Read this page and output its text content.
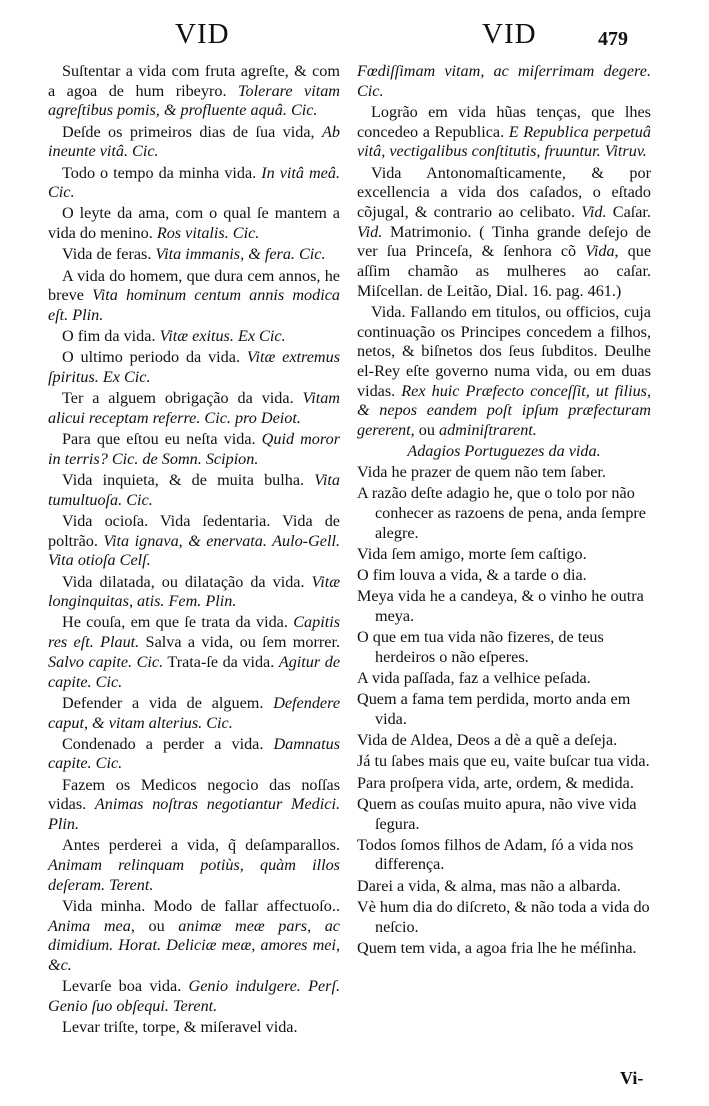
VID	VID	479

Suſtentar a vida com fruta agreſte, & com a agoa de hum ribeyro. Tolerare vitam agreſtibus pomis, & profluente aquâ. Cic.

Deſde os primeiros dias de ſua vida, Ab ineunte vitâ. Cic.

Todo o tempo da minha vida. In vitâ meâ. Cic.

O leyte da ama, com o qual ſe mantem a vida do menino. Ros vitalis. Cic.

Vida de feras. Vita immanis, & fera. Cic.

A vida do homem, que dura cem annos, he breve Vita hominum centum annis modica eſt. Plin.

O fim da vida. Vitæ exitus. Ex Cic.

O ultimo periodo da vida. Vitæ extremus ſpiritus. Ex Cic.

Ter a alguem obrigação da vida. Vitam alicui receptam referre. Cic. pro Deiot.

Para que eſtou eu neſta vida. Quid moror in terris? Cic. de Somn. Scipion.

Vida inquieta, & de muita bulha. Vita tumultuoſa. Cic.

Vida ocioſa. Vida ſedentaria. Vida de poltrão. Vita ignava, & enervata. Aulo-Gell. Vita otioſa Celſ.

Vida dilatada, ou dilatação da vida. Vitæ longinquitas, atis. Fem. Plin.

He couſa, em que ſe trata da vida. Capitis res eſt. Plaut. Salva a vida, ou ſem morrer. Salvo capite. Cic. Trata-ſe da vida. Agitur de capite. Cic.

Defender a vida de alguem. Defendere caput, & vitam alterius. Cic.

Condenado a perder a vida. Damnatus capite. Cic.

Fazem os Medicos negocio das noſſas vidas. Animas noſtras negotiantur Medici. Plin.

Antes perderei a vida, q̃ deſamparallos. Animam relinquam potiùs, quàm illos deſeram. Terent.

Vida minha. Modo de fallar affectuoſo.. Anima mea, ou animæ meæ pars, ac dimidium. Horat. Deliciæ meæ, amores mei, &c.

Levarſe boa vida. Genio indulgere. Perſ. Genio ſuo obſequi. Terent.

Levar triſte, torpe, & miſeravel vida.

Fœdiſſimam vitam, ac miſerrimam degere. Cic.

Logrão em vida hũas tenças, que lhes concedeo a Republica. E Republica perpetuâ vitâ, vectigalibus conſtitutis, fruuntur. Vitruv.

Vida Antonomaſticamente, & por excellencia a vida dos caſados, o eſtado cõjugal, & contrario ao celibato. Vid. Caſar. Vid. Matrimonio. ( Tinha grande deſejo de ver ſua Princeſa, & ſenhora cõ Vida, que aſſim chamão as mulheres ao caſar. Miſcellan. de Leitão, Dial. 16. pag. 461.)

Vida. Fallando em titulos, ou officios, cuja continuação os Principes concedem a filhos, netos, & biſnetos dos ſeus ſubditos. Deulhe el-Rey eſte governo numa vida, ou em duas vidas. Rex huic Præfecto conceſſit, ut filius, & nepos eandem poſt ipſum præfecturam gererent, ou adminiſtrarent.

Adagios Portuguezes da vida.

Vida he prazer de quem não tem ſaber.

A razão deſte adagio he, que o tolo por não conhecer as razoens de pena, anda ſempre alegre.

Vida ſem amigo, morte ſem caſtigo.

O fim louva a vida, & a tarde o dia.

Meya vida he a candeya, & o vinho he outra meya.

O que em tua vida não fizeres, de teus herdeiros o não eſperes.

A vida paſſada, faz a velhice peſada.

Quem a fama tem perdida, morto anda em vida.

Vida de Aldea, Deos a dè a quẽ a deſeja.

Já tu ſabes mais que eu, vaite buſcar tua vida.

Para proſpera vida, arte, ordem, & medida.

Quem as couſas muito apura, não vive vida ſegura.

Todos ſomos filhos de Adam, ſó a vida nos differença.

Darei a vida, & alma, mas não a albarda.

Vè hum dia do diſcreto, & não toda a vida do neſcio.

Quem tem vida, a agoa fria lhe he méſinha.

Vi-
